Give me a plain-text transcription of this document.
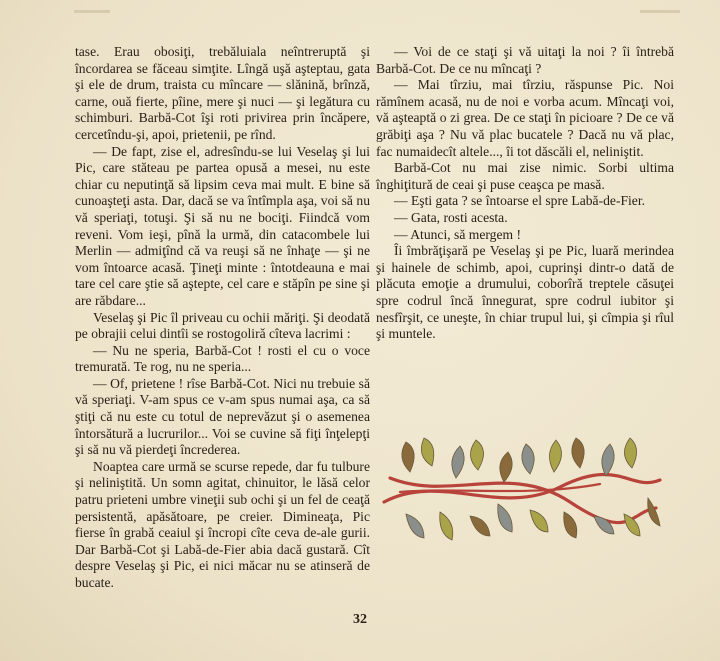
tase. Erau obosiţi, trebăluiala neîntreruptă şi încordarea se făceau simţite. Lîngă uşă aşteptau, gata şi ele de drum, traista cu mîncare — slănină, brînză, carne, ouă fierte, pîine, mere şi nuci — şi legătura cu schimburi. Barbă-Cot îşi roti privirea prin încăpere, cercetîndu-şi, apoi, prietenii, pe rînd.

— De fapt, zise el, adresîndu-se lui Veselaş şi lui Pic, care stăteau pe partea opusă a mesei, nu este chiar cu neputinţă să lipsim ceva mai mult. E bine să cunoaşteţi asta. Dar, dacă se va întîmpla aşa, voi să nu vă speriaţi, totuşi. Şi să nu ne bociţi. Fiindcă vom reveni. Vom ieşi, pînă la urmă, din catacombele lui Merlin — admiţînd că va reuşi să ne înhaţe — şi ne vom întoarce acasă. Ţineţi minte : întotdeauna e mai tare cel care ştie să aştepte, cel care e stăpîn pe sine şi are răbdare...

Veselaş şi Pic îl priveau cu ochii măriţi. Şi deodată pe obrajii celui dintîi se rostogolirǎ cîteva lacrimi :

— Nu ne speria, Barbă-Cot ! rosti el cu o voce tremurată. Te rog, nu ne speria...

— Of, prietene ! rîse Barbă-Cot. Nici nu trebuie să vă speriaţi. V-am spus ce v-am spus numai aşa, ca să ştiţi că nu este cu totul de neprevăzut şi o asemenea întorsătură a lucrurilor... Voi se cuvine să fiţi înţelepţi şi să nu vă pierdeţi încrederea.

Noaptea care urmă se scurse repede, dar fu tulbure şi neliniştită. Un somn agitat, chinuitor, le lăsă celor patru prieteni umbre vineţii sub ochi şi un fel de ceaţă persistentă, apăsătoare, pe creier. Dimineaţa, Pic fierse în grabă ceaiul şi încropi cîte ceva de-ale gurii. Dar Barbă-Cot şi Labă-de-Fier abia dacă gustară. Cît despre Veselaş şi Pic, ei nici măcar nu se atinseră de bucate.

— Voi de ce staţi şi vă uitaţi la noi ? îi întrebă Barbă-Cot. De ce nu mîncaţi ?

— Mai tîrziu, mai tîrziu, răspunse Pic. Noi rămînem acasă, nu de noi e vorba acum. Mîncaţi voi, vă aşteaptă o zi grea. De ce staţi în picioare ? De ce vă grăbiţi aşa ? Nu vă plac bucatele ? Dacă nu vă plac, fac numaidecît altele..., îi tot dăscăli el, neliniştit.

Barbă-Cot nu mai zise nimic. Sorbi ultima înghiţitură de ceai şi puse ceaşca pe masă.

— Eşti gata ? se întoarse el spre Labă-de-Fier.

— Gata, rosti acesta.

— Atunci, să mergem !

Îi îmbrăţişară pe Veselaş şi pe Pic, luară merindea şi hainele de schimb, apoi, cuprinşi dintr-o dată de plăcuta emoţie a drumului, coborîră treptele căsuţei spre codrul încă înnegurat, spre codrul iubitor şi nesfîrşit, ce uneşte, în chiar trupul lui, şi cîmpia şi rîul şi muntele.

32
